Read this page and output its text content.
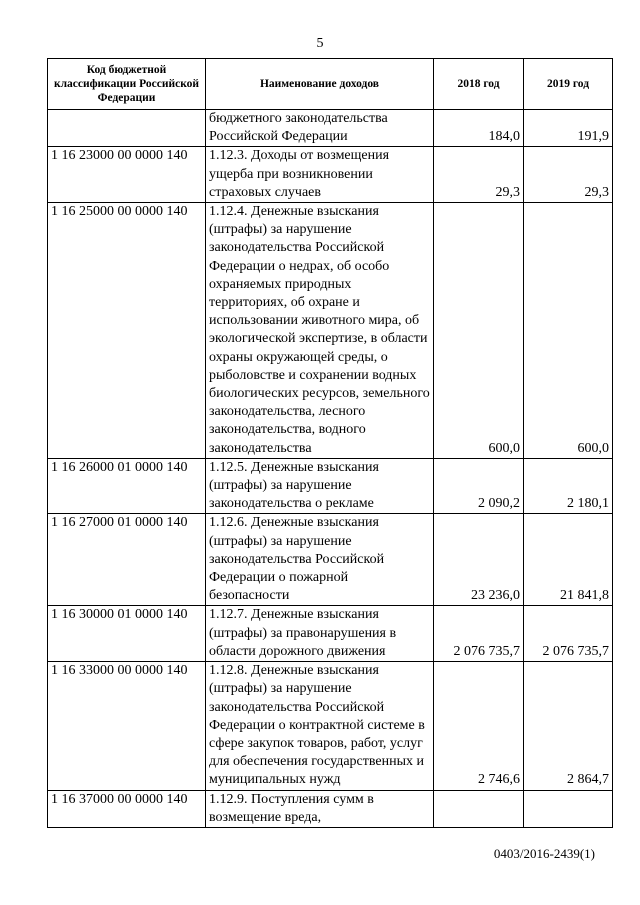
5
Код бюджетной классификации Российской Федерации	Наименование доходов	2018 год	2019 год
	бюджетного законодательства Российской Федерации	184,0	191,9
1 16 23000 00 0000 140	1.12.3. Доходы от возмещения ущерба при возникновении страховых случаев	29,3	29,3
1 16 25000 00 0000 140	1.12.4. Денежные взыскания (штрафы) за нарушение законодательства Российской Федерации о недрах, об особо охраняемых природных территориях, об охране и использовании животного мира, об экологической экспертизе, в области охраны окружающей среды, о рыболовстве и сохранении водных биологических ресурсов, земельного законодательства, лесного законодательства, водного законодательства	600,0	600,0
1 16 26000 01 0000 140	1.12.5. Денежные взыскания (штрафы) за нарушение законодательства о рекламе	2 090,2	2 180,1
1 16 27000 01 0000 140	1.12.6. Денежные взыскания (штрафы) за нарушение законодательства Российской Федерации о пожарной безопасности	23 236,0	21 841,8
1 16 30000 01 0000 140	1.12.7. Денежные взыскания (штрафы) за правонарушения в области дорожного движения	2 076 735,7	2 076 735,7
1 16 33000 00 0000 140	1.12.8. Денежные взыскания (штрафы) за нарушение законодательства Российской Федерации о контрактной системе в сфере закупок товаров, работ, услуг для обеспечения государственных и муниципальных нужд	2 746,6	2 864,7
1 16 37000 00 0000 140	1.12.9. Поступления сумм в возмещение вреда,		
0403/2016-2439(1)
